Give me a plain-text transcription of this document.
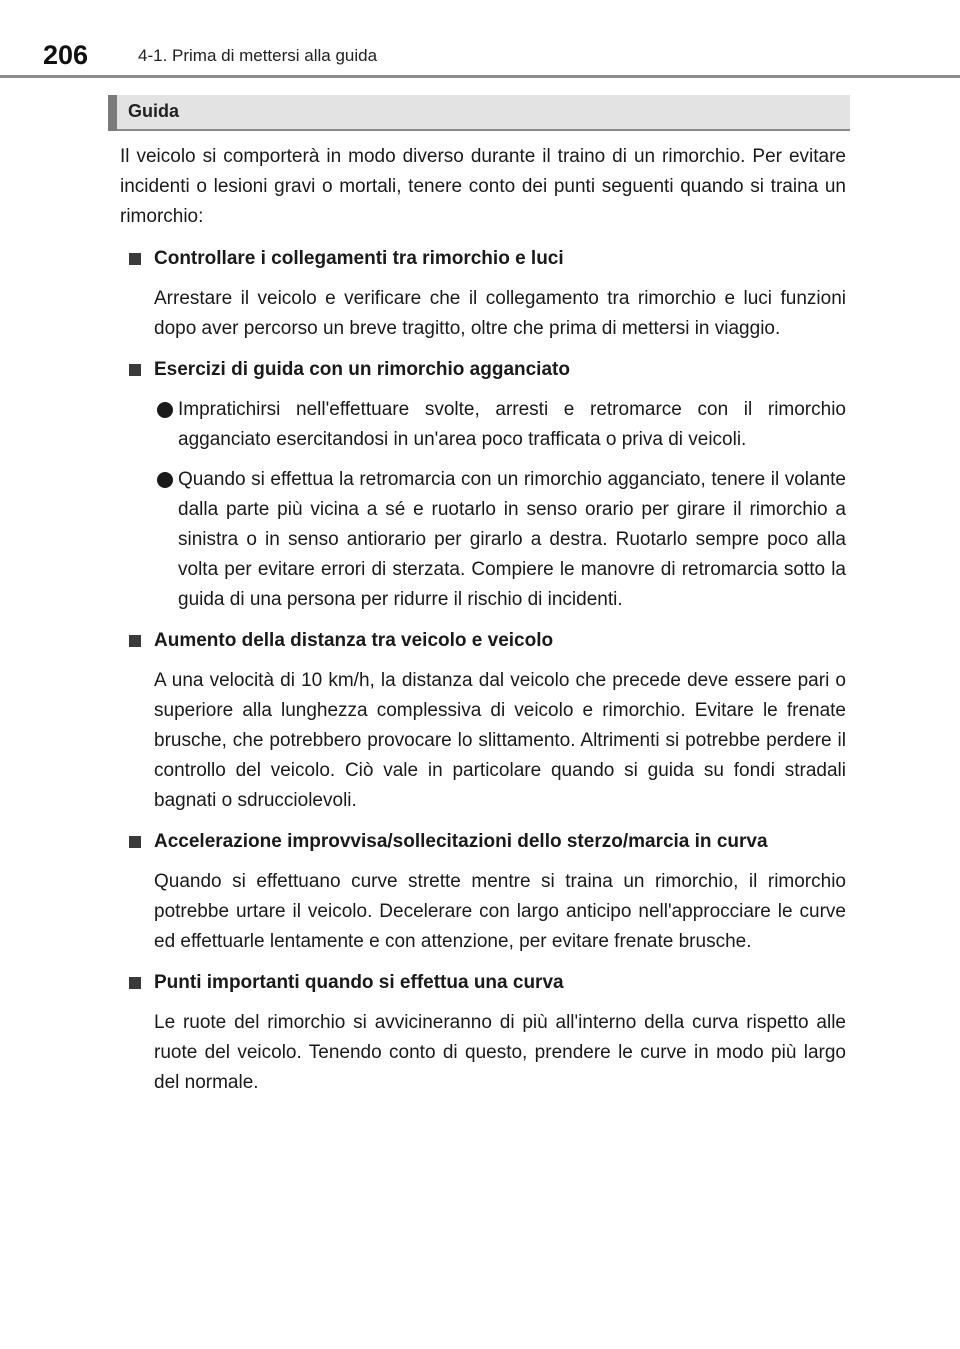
206	4-1. Prima di mettersi alla guida
Guida

Il veicolo si comporterà in modo diverso durante il traino di un rimorchio. Per evitare incidenti o lesioni gravi o mortali, tenere conto dei punti seguenti quando si traina un rimorchio:

Controllare i collegamenti tra rimorchio e luci

Arrestare il veicolo e verificare che il collegamento tra rimorchio e luci funzioni dopo aver percorso un breve tragitto, oltre che prima di mettersi in viaggio.

Esercizi di guida con un rimorchio agganciato
Impratichirsi nell'effettuare svolte, arresti e retromarce con il rimorchio agganciato esercitandosi in un'area poco trafficata o priva di veicoli.
Quando si effettua la retromarcia con un rimorchio agganciato, tenere il volante dalla parte più vicina a sé e ruotarlo in senso orario per girare il rimorchio a sinistra o in senso antiorario per girarlo a destra. Ruotarlo sempre poco alla volta per evitare errori di sterzata. Compiere le manovre di retromarcia sotto la guida di una persona per ridurre il rischio di incidenti.
Aumento della distanza tra veicolo e veicolo

A una velocità di 10 km/h, la distanza dal veicolo che precede deve essere pari o superiore alla lunghezza complessiva di veicolo e rimorchio. Evitare le frenate brusche, che potrebbero provocare lo slittamento. Altrimenti si potrebbe perdere il controllo del veicolo. Ciò vale in particolare quando si guida su fondi stradali bagnati o sdrucciolevoli.

Accelerazione improvvisa/sollecitazioni dello sterzo/marcia in curva

Quando si effettuano curve strette mentre si traina un rimorchio, il rimorchio potrebbe urtare il veicolo. Decelerare con largo anticipo nell'approcciare le curve ed effettuarle lentamente e con attenzione, per evitare frenate brusche.

Punti importanti quando si effettua una curva

Le ruote del rimorchio si avvicineranno di più all'interno della curva rispetto alle ruote del veicolo. Tenendo conto di questo, prendere le curve in modo più largo del normale.
